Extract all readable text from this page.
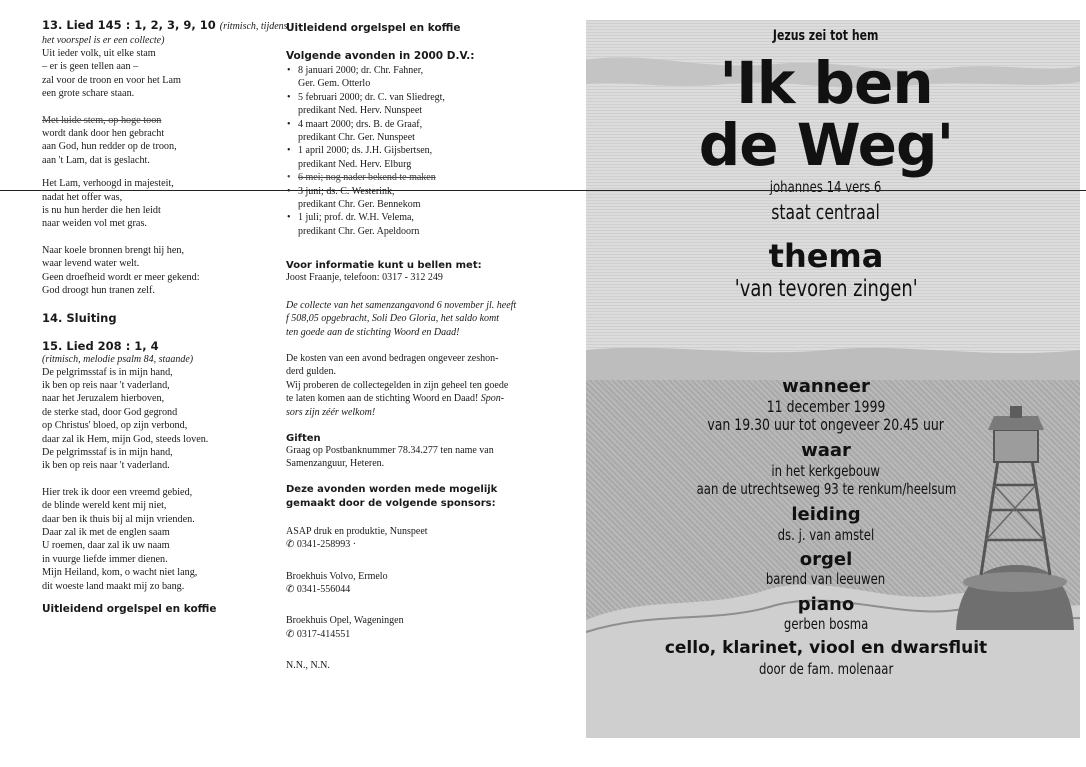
13. Lied 145 : 1, 2, 3, 9, 10 (ritmisch, tijdens
het voorspel is er een collecte)
Uit ieder volk, uit elke stam
– er is geen tellen aan –
zal voor de troon en voor het Lam
een grote schare staan.
Met luide stem, op hoge toon
wordt dank door hen gebracht
aan God, hun redder op de troon,
aan 't Lam, dat is geslacht.
Het Lam, verhoogd in majesteit,
nadat het offer was,
is nu hun herder die hen leidt
naar weiden vol met gras.
Naar koele bronnen brengt hij hen,
waar levend water welt.
Geen droefheid wordt er meer gekend:
God droogt hun tranen zelf.
14. Sluiting
15. Lied 208 : 1, 4
(ritmisch, melodie psalm 84, staande)
De pelgrimsstaf is in mijn hand,
ik ben op reis naar 't vaderland,
naar het Jeruzalem hierboven,
de sterke stad, door God gegrond
op Christus' bloed, op zijn verbond,
daar zal ik Hem, mijn God, steeds loven.
De pelgrimsstaf is in mijn hand,
ik ben op reis naar 't vaderland.
Hier trek ik door een vreemd gebied,
de blinde wereld kent mij niet,
daar ben ik thuis bij al mijn vrienden.
Daar zal ik met de englen saam
U roemen, daar zal ik uw naam
in vuurge liefde immer dienen.
Mijn Heiland, kom, o wacht niet lang,
dit woeste land maakt mij zo bang.
Uitleidend orgelspel en koffie
Uitleidend orgelspel en koffie
Volgende avonden in 2000 D.V.:
• 8 januari 2000; dr. Chr. Fahner,
Ger. Gem. Otterlo
• 5 februari 2000; dr. C. van Sliedregt,
predikant Ned. Herv. Nunspeet
• 4 maart 2000; drs. B. de Graaf,
predikant Chr. Ger. Nunspeet
• 1 april 2000; ds. J.H. Gijsbertsen,
predikant Ned. Herv. Elburg
• 6 mei; nog nader bekend te maken
• 3 juni; ds. C. Westerink,
predikant Chr. Ger. Bennekom
• 1 juli; prof. dr. W.H. Velema,
predikant Chr. Ger. Apeldoorn
Voor informatie kunt u bellen met:
Joost Fraanje, telefoon: 0317 - 312 249
De collecte van het samenzangavond 6 november jl. heeft
f 508,05 opgebracht, Soli Deo Gloria, het saldo komt
ten goede aan de stichting Woord en Daad!
De kosten van een avond bedragen ongeveer zeshon-
derd gulden.
Wij proberen de collectegelden in zijn geheel ten goede
te laten komen aan de stichting Woord en Daad! Spon-
sors zijn zéér welkom!
Giften
Graag op Postbanknummer 78.34.277 ten name van
Samenzanguur, Heteren.
Deze avonden worden mede mogelijk
gemaakt door de volgende sponsors:
ASAP druk en produktie, Nunspeet
✆ 0341-258993 ·
Broekhuis Volvo, Ermelo
✆ 0341-556044
Broekhuis Opel, Wageningen
✆ 0317-414551
N.N., N.N.
Jezus zei tot hem
'Ik ben
de Weg'
johannes 14 vers 6
staat centraal
thema
'van tevoren zingen'
wanneer
11 december 1999
van 19.30 uur tot ongeveer 20.45 uur
waar
in het kerkgebouw
aan de utrechtseweg 93 te renkum/heelsum
leiding
ds. j. van amstel
orgel
barend van leeuwen
piano
gerben bosma
cello, klarinet, viool en dwarsfluit
door de fam. molenaar
